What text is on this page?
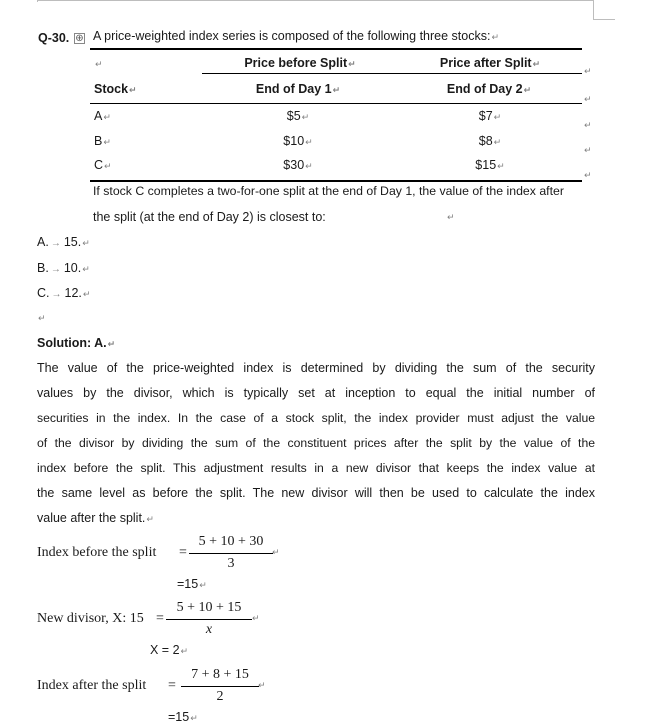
Q-30. ⊕ A price-weighted index series is composed of the following three stocks:↵
↵	Price before Split↵	Price after Split↵
Stock↵	End of Day 1↵	End of Day 2↵
A↵	$5↵	$7↵
B↵	$10↵	$8↵
C↵	$30↵	$15↵
↵
↵
↵
↵
↵
If stock C completes a two-for-one split at the end of Day 1, the value of the index after
the split (at the end of Day 2) is closest to:	↵
A. → 15.↵
B. → 10.↵
C. → 12.↵
↵
Solution: A.↵
The value of the price-weighted index is determined by dividing the sum of the security
values by the divisor, which is typically set at inception to equal the initial number of
securities in the index. In the case of a stock split, the index provider must adjust the value
of the divisor by dividing the sum of the constituent prices after the split by the value of the
index before the split. This adjustment results in a new divisor that keeps the index value at
the same level as before the split. The new divisor will then be used to calculate the index
value after the split.↵
Index before the split =
5 + 10 + 30
3
↵
=15↵
New divisor, X: 15 =
5 + 10 + 15
x
↵
X = 2↵
Index after the split =
7 + 8 + 15
2
↵
=15↵
